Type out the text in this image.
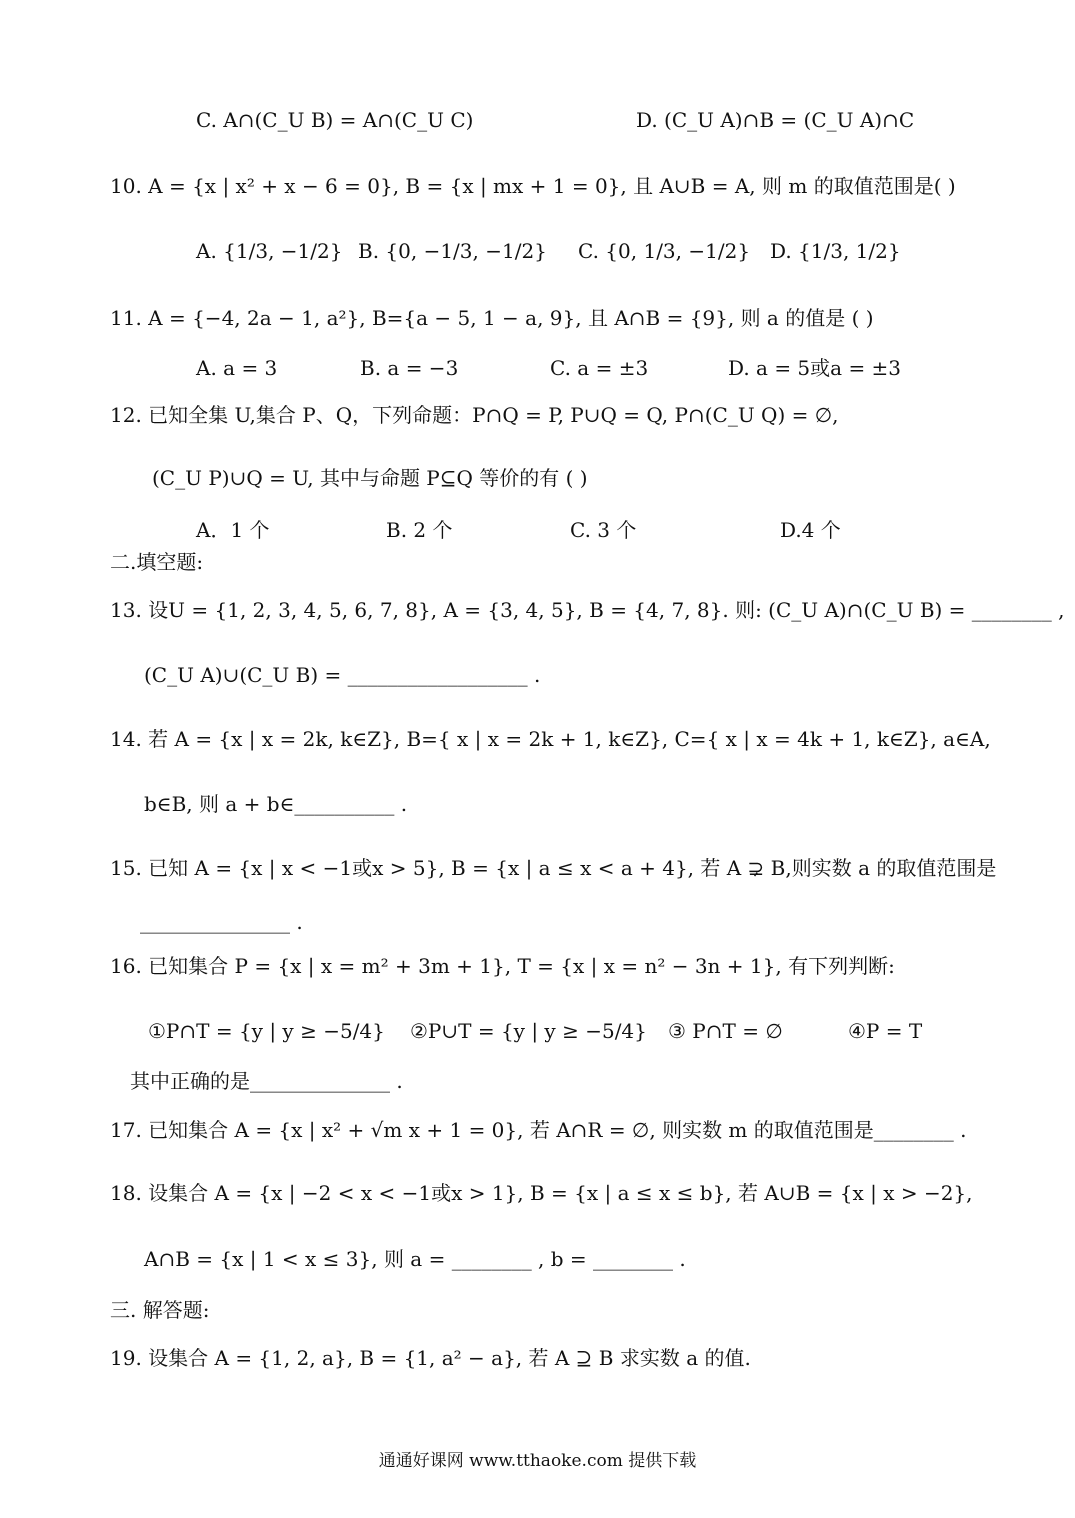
C. A∩(C_U B) = A∩(C_U C)	D. (C_U A)∩B = (C_U A)∩C
10. A = {x | x² + x − 6 = 0}, B = {x | mx + 1 = 0}, 且 A∪B = A, 则 m 的取值范围是( )
A. {1/3, −1/2} B. {0, −1/3, −1/2} C. {0, 1/3, −1/2} D. {1/3, 1/2}
11. A = {−4, 2a − 1, a²}, B={a − 5, 1 − a, 9}, 且 A∩B = {9}, 则 a 的值是 ( )
A. a = 3	B. a = −3	C. a = ±3	D. a = 5或a = ±3
12. 已知全集 U,集合 P、Q，下列命题：P∩Q = P, P∪Q = Q, P∩(C_U Q) = ∅,
(C_U P)∪Q = U, 其中与命题 P⊆Q 等价的有 ( )
A．1 个	B. 2 个	C. 3 个	D.4 个
二.填空题:
13. 设U = {1, 2, 3, 4, 5, 6, 7, 8}, A = {3, 4, 5}, B = {4, 7, 8}. 则: (C_U A)∩(C_U B) = ________ ,
(C_U A)∪(C_U B) = __________________ .
14. 若 A = {x | x = 2k, k∈Z}, B={ x | x = 2k + 1, k∈Z}, C={ x | x = 4k + 1, k∈Z}, a∈A,
b∈B, 则 a + b∈__________ .
15. 已知 A = {x | x < −1或x > 5}, B = {x | a ≤ x < a + 4}, 若 A ⊋ B,则实数 a 的取值范围是
_______________ .
16. 已知集合 P = {x | x = m² + 3m + 1}, T = {x | x = n² − 3n + 1}, 有下列判断:
①P∩T = {y | y ≥ −5/4} ②P∪T = {y | y ≥ −5/4} ③ P∩T = ∅	④P = T
其中正确的是______________ .
17. 已知集合 A = {x | x² + √m x + 1 = 0}, 若 A∩R = ∅, 则实数 m 的取值范围是________ .
18. 设集合 A = {x | −2 < x < −1或x > 1}, B = {x | a ≤ x ≤ b}, 若 A∪B = {x | x > −2},
A∩B = {x | 1 < x ≤ 3}, 则 a = ________ , b = ________ .
三. 解答题:
19. 设集合 A = {1, 2, a}, B = {1, a² − a}, 若 A ⊇ B 求实数 a 的值.
通通好课网 www.tthaoke.com 提供下载
